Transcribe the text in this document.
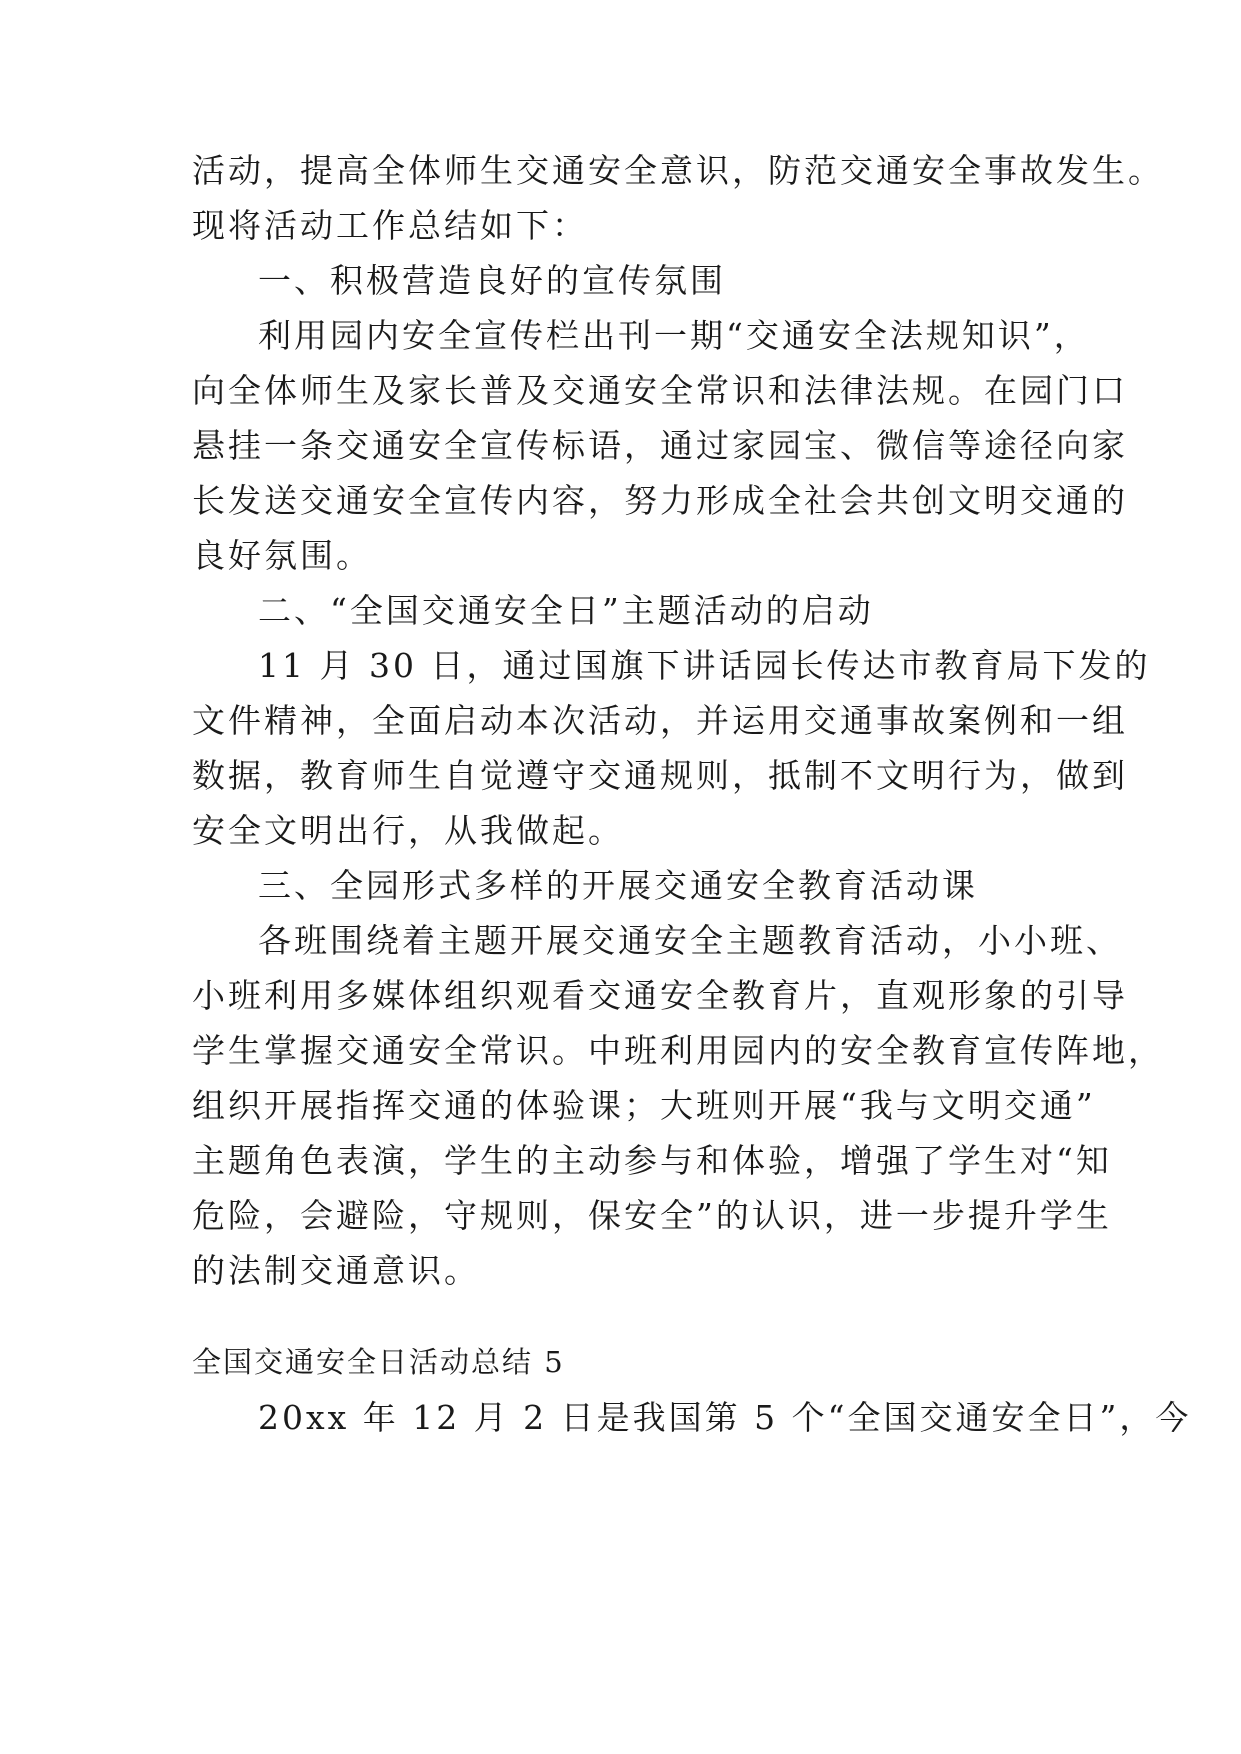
活动，提高全体师生交通安全意识，防范交通安全事故发生。
现将活动工作总结如下：
一、积极营造良好的宣传氛围
利用园内安全宣传栏出刊一期“交通安全法规知识”，
向全体师生及家长普及交通安全常识和法律法规。在园门口
悬挂一条交通安全宣传标语，通过家园宝、微信等途径向家
长发送交通安全宣传内容，努力形成全社会共创文明交通的
良好氛围。
二、“全国交通安全日”主题活动的启动
11 月 30 日，通过国旗下讲话园长传达市教育局下发的
文件精神，全面启动本次活动，并运用交通事故案例和一组
数据，教育师生自觉遵守交通规则，抵制不文明行为，做到
安全文明出行，从我做起。
三、全园形式多样的开展交通安全教育活动课
各班围绕着主题开展交通安全主题教育活动，小小班、
小班利用多媒体组织观看交通安全教育片，直观形象的引导
学生掌握交通安全常识。中班利用园内的安全教育宣传阵地，
组织开展指挥交通的体验课；大班则开展“我与文明交通”
主题角色表演，学生的主动参与和体验，增强了学生对“知
危险，会避险，守规则，保安全”的认识，进一步提升学生
的法制交通意识。
全国交通安全日活动总结 5
20xx 年 12 月 2 日是我国第 5 个“全国交通安全日”，今
